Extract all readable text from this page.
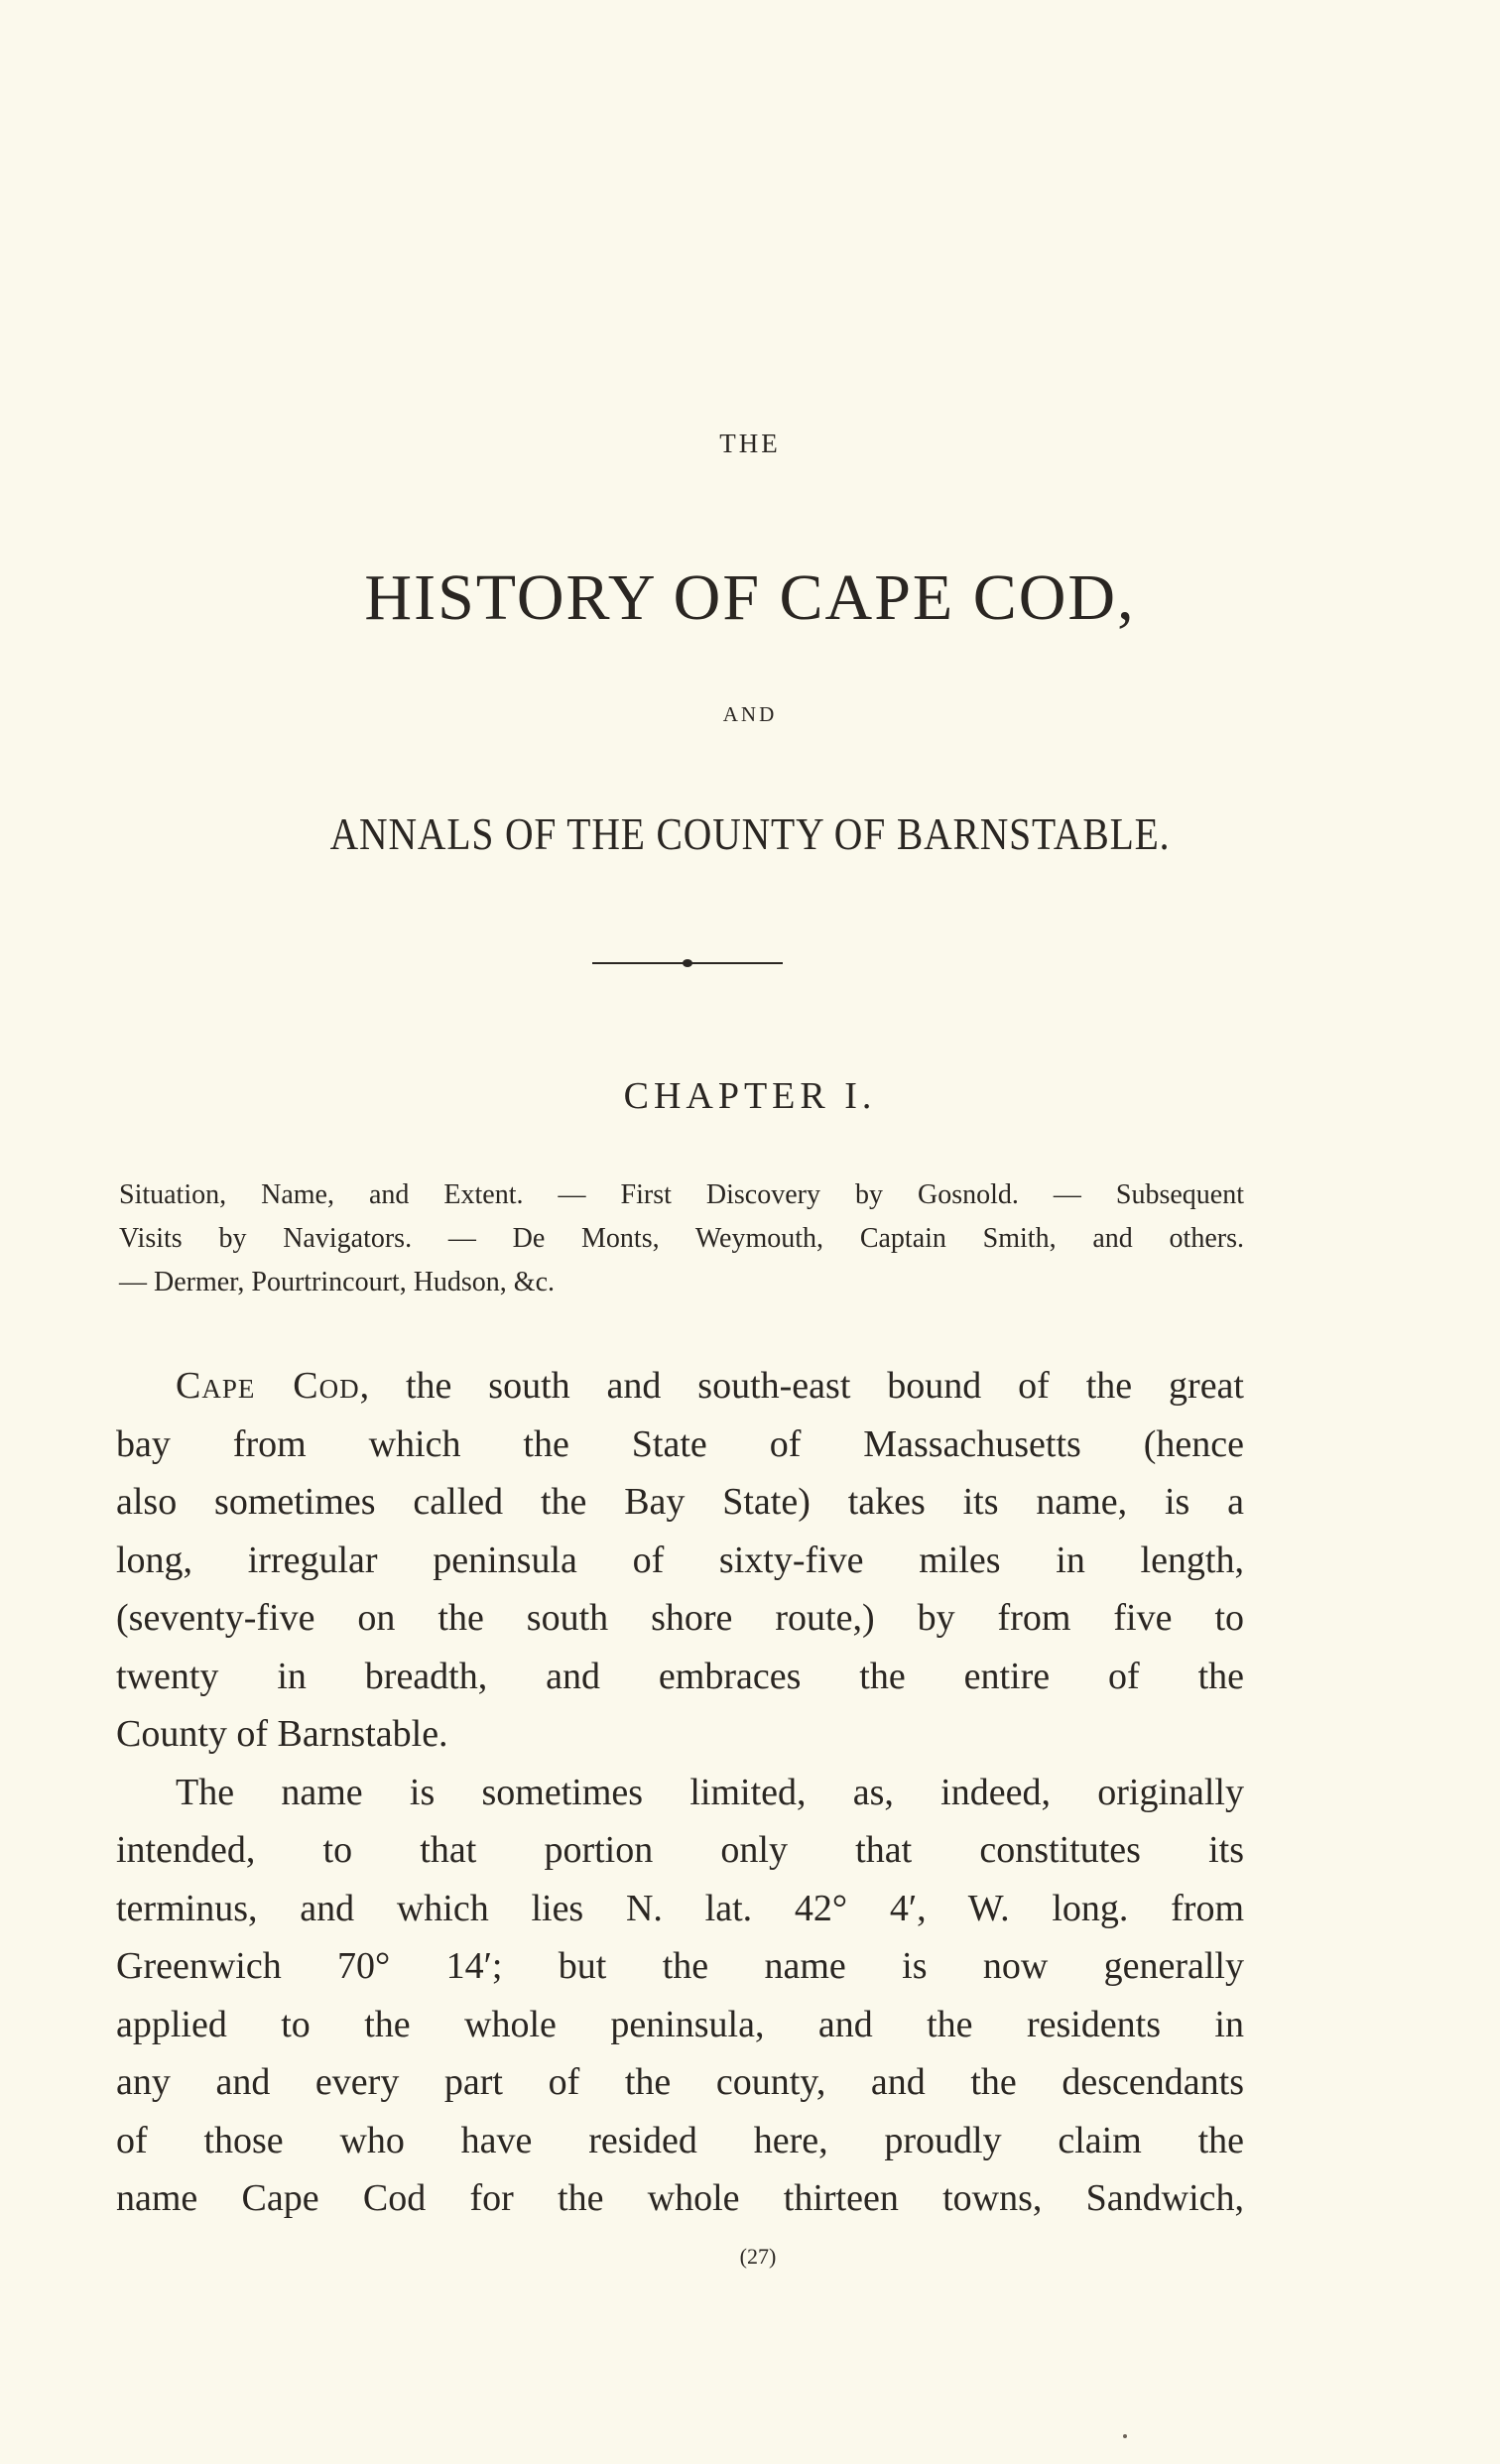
THE
HISTORY OF CAPE COD,
AND
ANNALS OF THE COUNTY OF BARNSTABLE.
CHAPTER I.
Situation, Name, and Extent. — First Discovery by Gosnold. — Subsequent
Visits by Navigators. — De Monts, Weymouth, Captain Smith, and others.
— Dermer, Pourtrincourt, Hudson, &c.
Cape Cod, the south and south-east bound of the great
bay from which the State of Massachusetts (hence
also sometimes called the Bay State) takes its name, is a
long, irregular peninsula of sixty-five miles in length,
(seventy-five on the south shore route,) by from five to
twenty in breadth, and embraces the entire of the
County of Barnstable.
The name is sometimes limited, as, indeed, originally
intended, to that portion only that constitutes its
terminus, and which lies N. lat. 42° 4′, W. long. from
Greenwich 70° 14′; but the name is now generally
applied to the whole peninsula, and the residents in
any and every part of the county, and the descendants
of those who have resided here, proudly claim the
name Cape Cod for the whole thirteen towns, Sandwich,
(27)
